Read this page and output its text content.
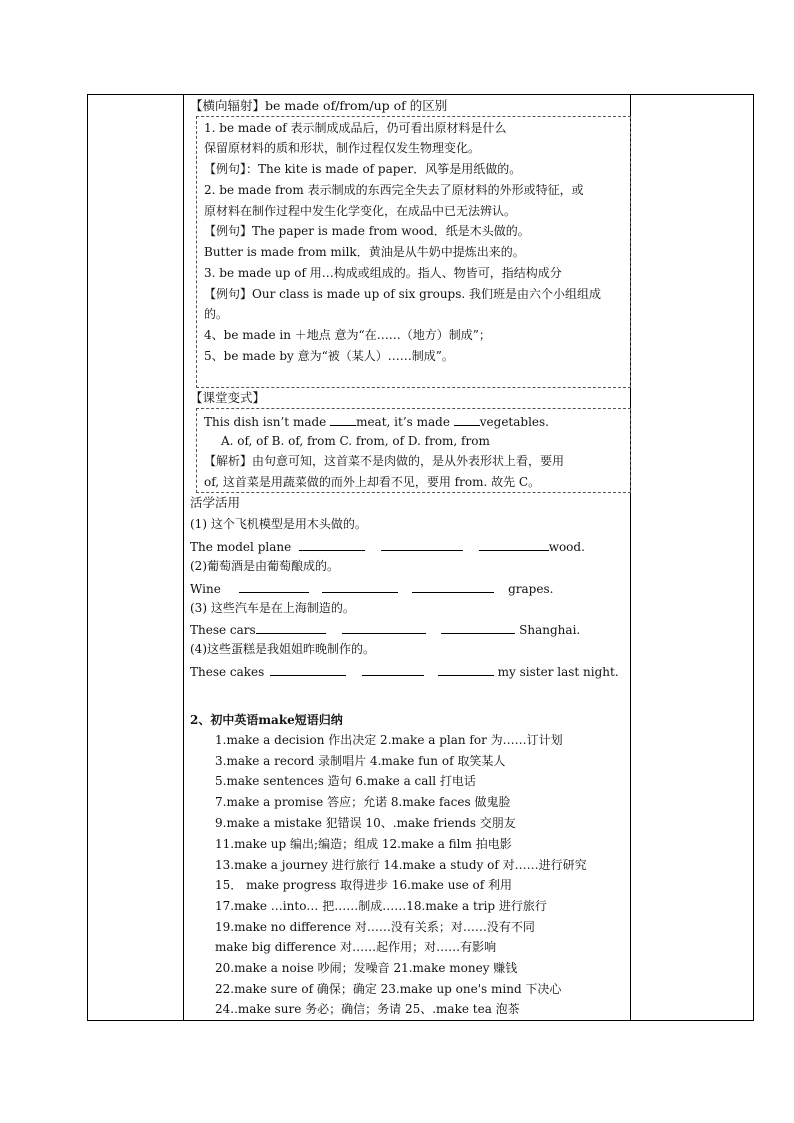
【横向辐射】be made of/from/up of 的区别
1. be made of 表示制成成品后，仍可看出原材料是什么
保留原材料的质和形状，制作过程仅发生物理变化。
【例句】：The kite is made of paper．风筝是用纸做的。
2. be made from 表示制成的东西完全失去了原材料的外形或特征，或
原材料在制作过程中发生化学变化，在成品中已无法辨认。
【例句】The paper is made from wood．纸是木头做的。
Butter is made from milk．黄油是从牛奶中提炼出来的。
3. be made up of 用…构成或组成的。指人、物皆可，指结构成分
【例句】Our class is made up of six groups. 我们班是由六个小组组成
的。
4、be made in ＋地点 意为“在……（地方）制成”；
5、be made by 意为“被（某人）……制成”。
【课堂变式】
This dish isn’t made meat, it’s made vegetables.
A. of, of B. of, from C. from, of D. from, from
【解析】由句意可知，这首菜不是肉做的，是从外表形状上看，要用
of, 这首菜是用蔬菜做的而外上却看不见，要用 from. 故先 C。
活学活用
(1) 这个飞机模型是用木头做的。
The model plane	wood.
(2)葡萄酒是由葡萄酿成的。
Wine	grapes.
(3) 这些汽车是在上海制造的。
These cars	Shanghai.
(4)这些蛋糕是我姐姐昨晚制作的。
These cakes	my sister last night.
2、初中英语make短语归纳
1.make a decision 作出决定 2.make a plan for 为……订计划
3.make a record 录制唱片 4.make fun of 取笑某人
5.make sentences 造句 6.make a call 打电话
7.make a promise 答应；允诺 8.make faces 做鬼脸
9.make a mistake 犯错误 10、.make friends 交朋友
11.make up 编出;编造；组成 12.make a film 拍电影
13.make a journey 进行旅行 14.make a study of 对……进行研究
15． make progress 取得进步 16.make use of 利用
17.make …into… 把……制成……18.make a trip 进行旅行
19.make no difference 对……没有关系；对……没有不同
make big difference 对……起作用；对……有影响
20.make a noise 吵闹；发噪音 21.make money 赚钱
22.make sure of 确保；确定 23.make up one's mind 下决心
24..make sure 务必；确信；务请 25、.make tea 泡茶
